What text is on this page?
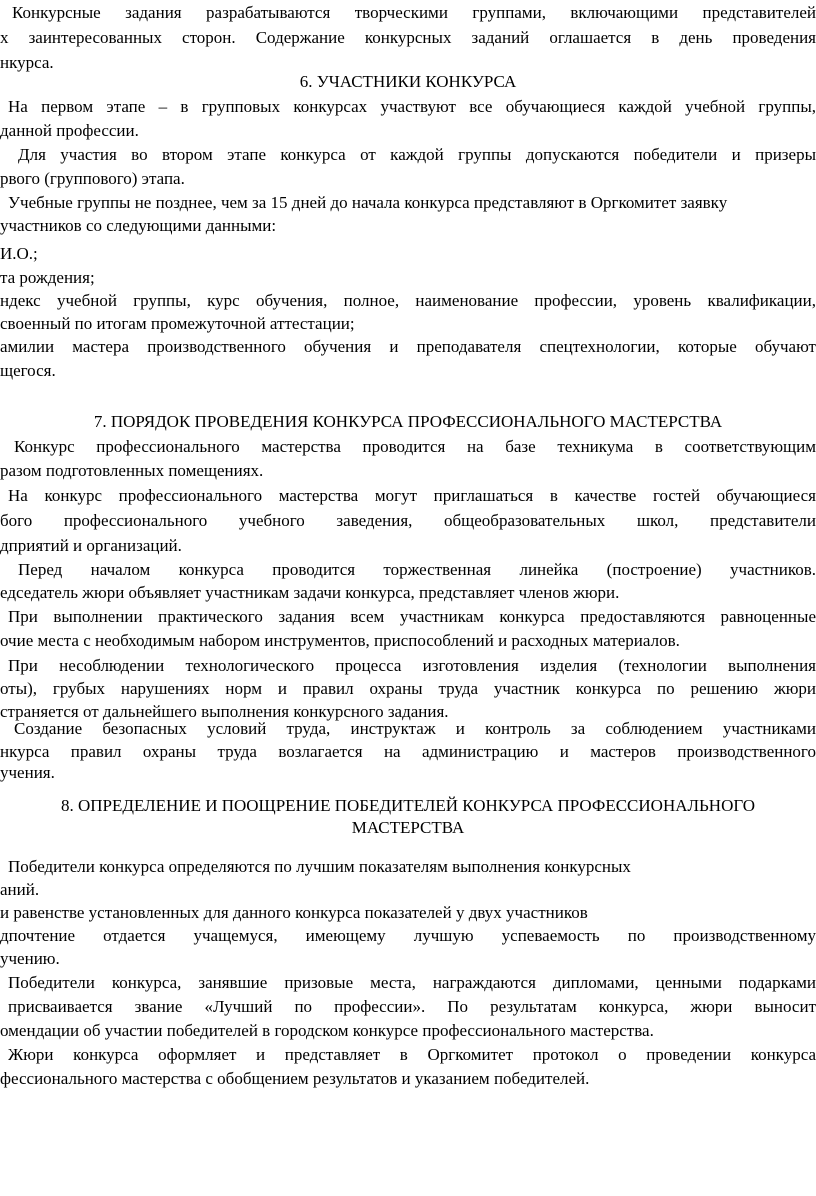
Конкурсные задания разрабатываются творческими группами, включающими представителей

х заинтересованных сторон. Содержание конкурсных заданий оглашается в день проведения

нкурса.

6. УЧАСТНИКИ КОНКУРСА

На первом этапе – в групповых конкурсах участвуют все обучающиеся каждой учебной группы,

данной профессии.

Для участия во втором этапе конкурса от каждой группы допускаются победители и призеры

рвого (группового) этапа.

Учебные группы не позднее, чем за 15 дней до начала конкурса представляют в Оргкомитет заявку

участников со следующими данными:

И.О.;

та рождения;

ндекс учебной группы, курс обучения, полное, наименование профессии, уровень квалификации,

своенный по итогам промежуточной аттестации;

амилии мастера производственного обучения и преподавателя спецтехнологии, которые обучают

щегося.

7. ПОРЯДОК ПРОВЕДЕНИЯ КОНКУРСА ПРОФЕССИОНАЛЬНОГО МАСТЕРСТВА

Конкурс профессионального мастерства проводится на базе техникума в соответствующим

разом подготовленных помещениях.

На конкурс профессионального мастерства могут приглашаться в качестве гостей обучающиеся

бого профессионального учебного заведения, общеобразовательных школ, представители

дприятий и организаций.

Перед началом конкурса проводится торжественная линейка (построение) участников.

едседатель жюри объявляет участникам задачи конкурса, представляет членов жюри.

При выполнении практического задания всем участникам конкурса предоставляются равноценные

очие места с необходимым набором инструментов, приспособлений и расходных материалов.

При несоблюдении технологического процесса изготовления изделия (технологии выполнения

оты), грубых нарушениях норм и правил охраны труда участник конкурса по решению жюри

страняется от дальнейшего выполнения конкурсного задания.

Создание безопасных условий труда, инструктаж и контроль за соблюдением участниками

нкурса правил охраны труда возлагается на администрацию и мастеров производственного

учения.

8. ОПРЕДЕЛЕНИЕ И ПООЩРЕНИЕ ПОБЕДИТЕЛЕЙ КОНКУРСА ПРОФЕССИОНАЛЬНОГО

МАСТЕРСТВА

Победители конкурса определяются по лучшим показателям выполнения конкурсных

аний.

и равенстве установленных для данного конкурса показателей у двух участников

дпочтение отдается учащемуся, имеющему лучшую успеваемость по производственному

учению.

Победители конкурса, занявшие призовые места, награждаются дипломами, ценными подарками

присваивается звание «Лучший по профессии». По результатам конкурса, жюри выносит

омендации об участии победителей в городском конкурсе профессионального мастерства.

Жюри конкурса оформляет и представляет в Оргкомитет протокол о проведении конкурса

фессионального мастерства с обобщением результатов и указанием победителей.
